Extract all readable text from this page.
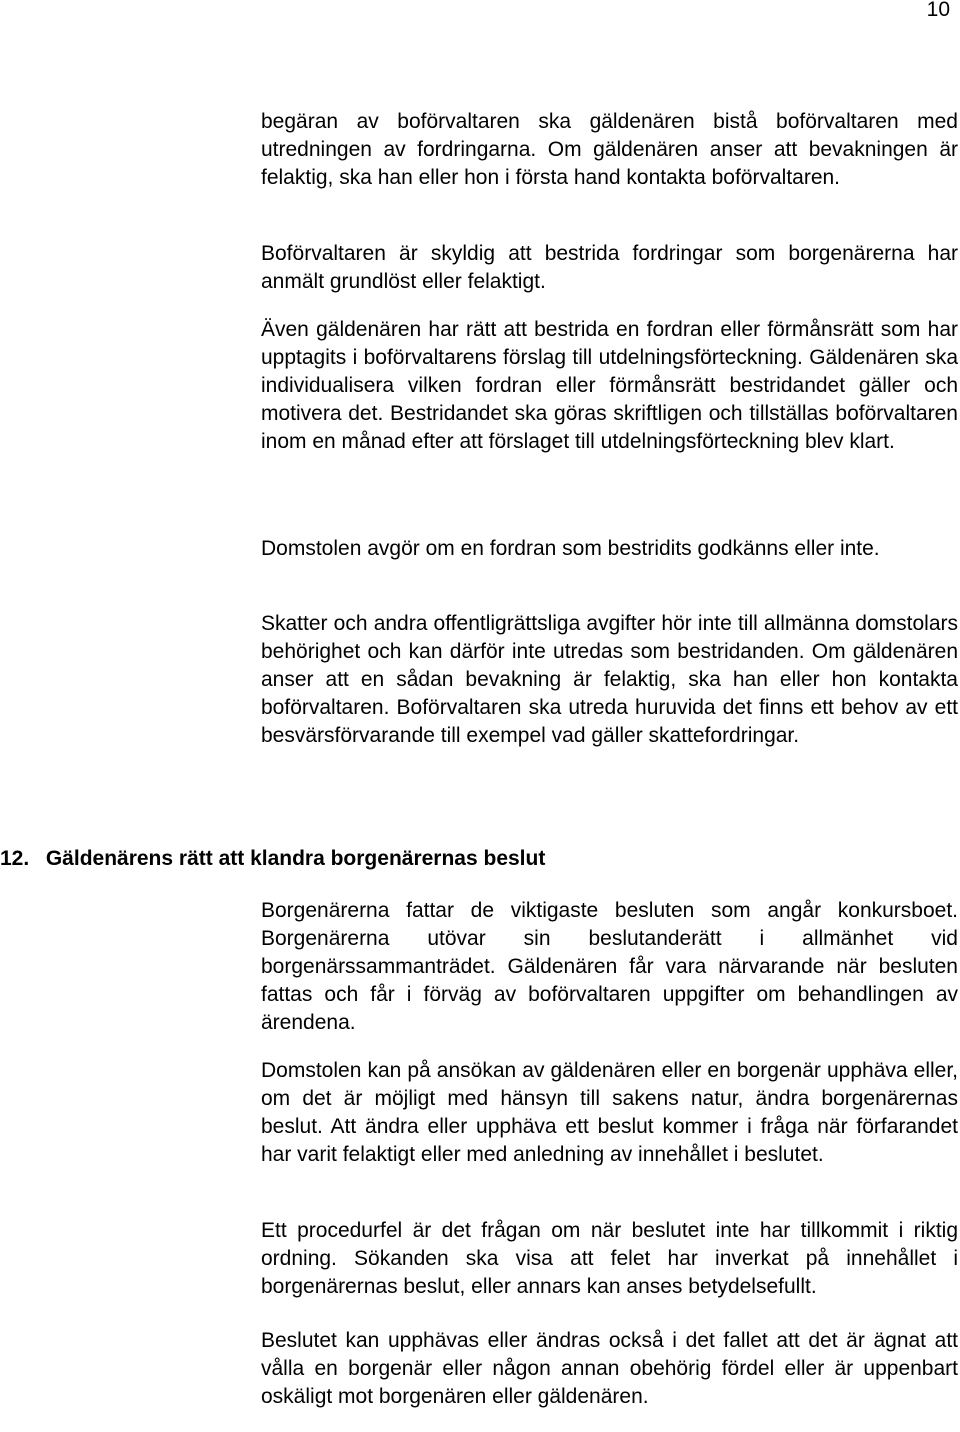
10

begäran av boförvaltaren ska gäldenären bistå boförvaltaren med utredningen av fordringarna. Om gäldenären anser att bevakningen är felaktig, ska han eller hon i första hand kontakta boförvaltaren.

Boförvaltaren är skyldig att bestrida fordringar som borgenärerna har anmält grundlöst eller felaktigt.

Även gäldenären har rätt att bestrida en fordran eller förmånsrätt som har upptagits i boförvaltarens förslag till utdelningsförteckning. Gäldenären ska individualisera vilken fordran eller förmånsrätt bestridandet gäller och motivera det. Bestridandet ska göras skriftligen och tillställas boförvaltaren inom en månad efter att förslaget till utdelningsförteckning blev klart.

Domstolen avgör om en fordran som bestridits godkänns eller inte.

Skatter och andra offentligrättsliga avgifter hör inte till allmänna domstolars behörighet och kan därför inte utredas som bestridanden. Om gäldenären anser att en sådan bevakning är felaktig, ska han eller hon kontakta boförvaltaren. Boförvaltaren ska utreda huruvida det finns ett behov av ett besvärsförvarande till exempel vad gäller skattefordringar.

12. Gäldenärens rätt att klandra borgenärernas beslut

Borgenärerna fattar de viktigaste besluten som angår konkursboet. Borgenärerna utövar sin beslutanderätt i allmänhet vid borgenärssammanträdet. Gäldenären får vara närvarande när besluten fattas och får i förväg av boförvaltaren uppgifter om behandlingen av ärendena.

Domstolen kan på ansökan av gäldenären eller en borgenär upphäva eller, om det är möjligt med hänsyn till sakens natur, ändra borgenärernas beslut. Att ändra eller upphäva ett beslut kommer i fråga när förfarandet har varit felaktigt eller med anledning av innehållet i beslutet.

Ett procedurfel är det frågan om när beslutet inte har tillkommit i riktig ordning. Sökanden ska visa att felet har inverkat på innehållet i borgenärernas beslut, eller annars kan anses betydelsefullt.

Beslutet kan upphävas eller ändras också i det fallet att det är ägnat att vålla en borgenär eller någon annan obehörig fördel eller är uppenbart oskäligt mot borgenären eller gäldenären.
